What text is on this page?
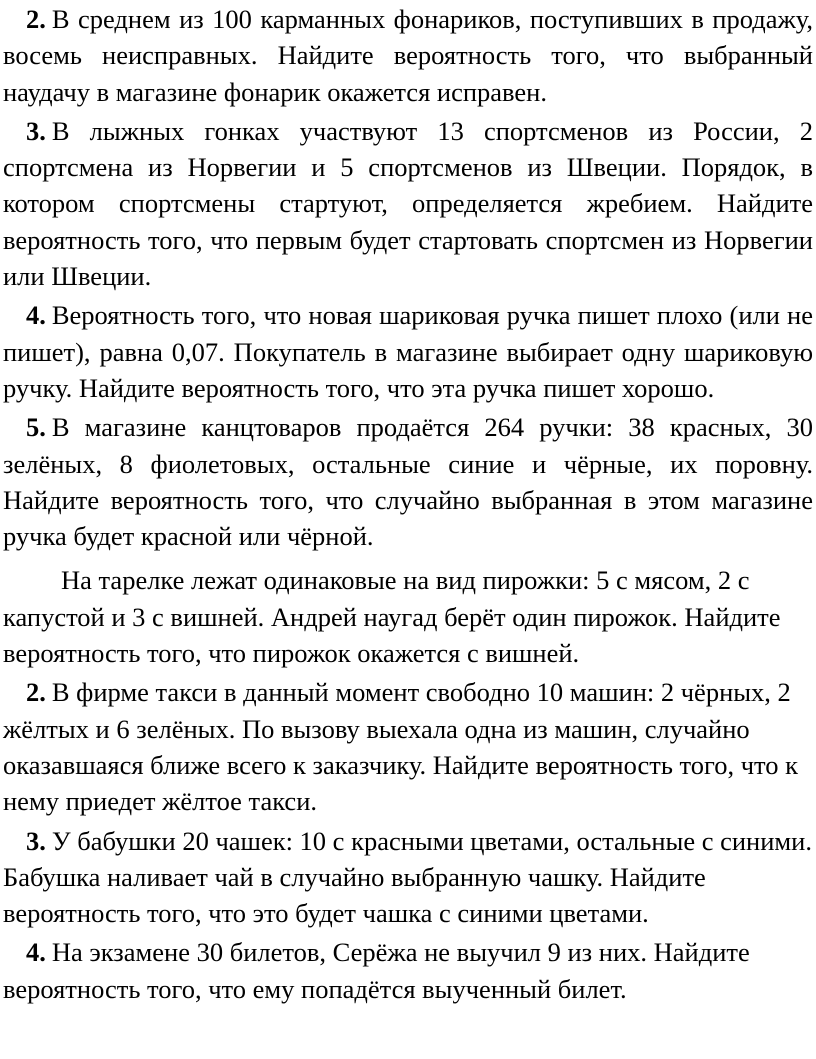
2. В среднем из 100 карманных фонариков, поступивших в продажу, восемь неисправных. Найдите вероятность того, что выбранный наудачу в магазине фонарик окажется исправен.

3. В лыжных гонках участвуют 13 спортсменов из России, 2 спортсмена из Норвегии и 5 спортсменов из Швеции. Порядок, в котором спортсмены стартуют, определяется жребием. Найдите вероятность того, что первым будет стартовать спортсмен из Норвегии или Швеции.

4. Вероятность того, что новая шариковая ручка пишет плохо (или не пишет), равна 0,07. Покупатель в магазине выбирает одну шариковую ручку. Найдите вероятность того, что эта ручка пишет хорошо.

5. В магазине канцтоваров продаётся 264 ручки: 38 красных, 30 зелёных, 8 фиолетовых, остальные синие и чёрные, их поровну. Найдите вероятность того, что случайно выбранная в этом магазине ручка будет красной или чёрной.

На тарелке лежат одинаковые на вид пирожки: 5 с мясом, 2 с капустой и 3 с вишней. Андрей наугад берёт один пирожок. Найдите вероятность того, что пирожок окажется с вишней.

2. В фирме такси в данный момент свободно 10 машин: 2 чёрных, 2 жёлтых и 6 зелёных. По вызову выехала одна из машин, случайно оказавшаяся ближе всего к заказчику. Найдите вероятность того, что к нему приедет жёлтое такси.

3. У бабушки 20 чашек: 10 с красными цветами, остальные с синими. Бабушка наливает чай в случайно выбранную чашку. Найдите вероятность того, что это будет чашка с синими цветами.

4. На экзамене 30 билетов, Серёжа не выучил 9 из них. Найдите вероятность того, что ему попадётся выученный билет.
